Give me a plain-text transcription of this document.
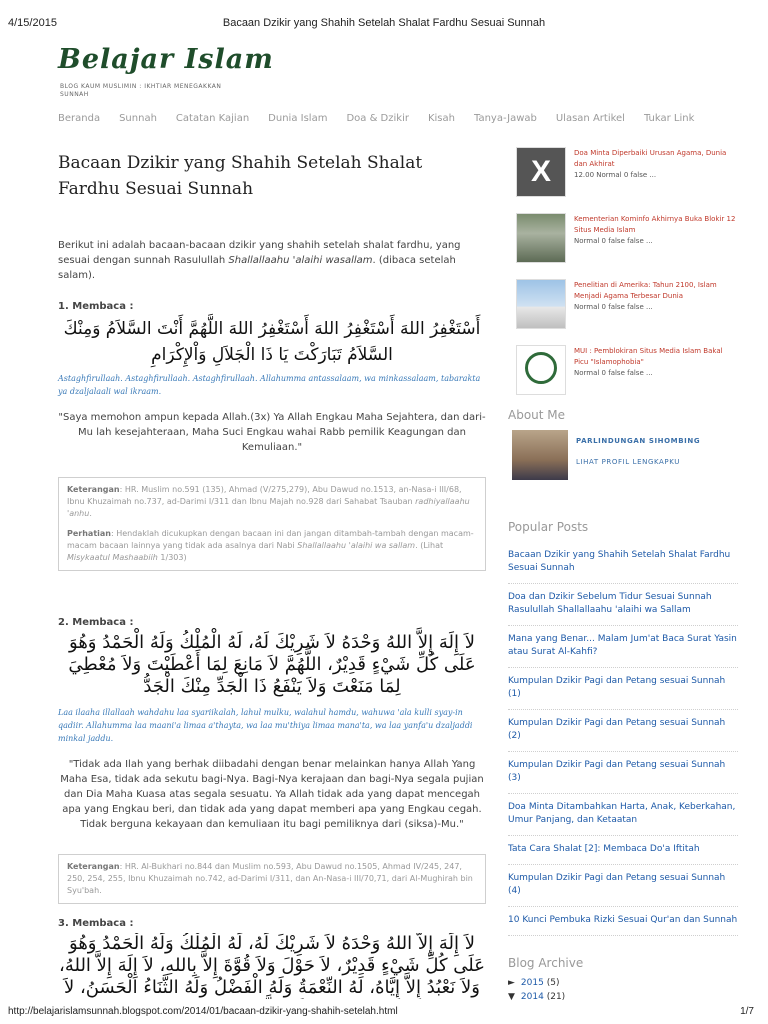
4/15/2015	Bacaan Dzikir yang Shahih Setelah Shalat Fardhu Sesuai Sunnah
Belajar Islam
BLOG KAUM MUSLIMIN : IKHTIAR MENEGAKKAN SUNNAH
Beranda Sunnah Catatan Kajian Dunia Islam Doa & Dzikir Kisah Tanya-Jawab Ulasan Artikel Tukar Link
Bacaan Dzikir yang Shahih Setelah Shalat Fardhu Sesuai Sunnah

Berikut ini adalah bacaan-bacaan dzikir yang shahih setelah shalat fardhu, yang sesuai dengan sunnah Rasulullah Shallallaahu 'alaihi wasallam. (dibaca setelah salam).

1. Membaca :
أَسْتَغْفِرُ اللهَ أَسْتَغْفِرُ اللهَ أَسْتَغْفِرُ اللهَ اللَّهُمَّ أَنْتَ السَّلاَمُ وَمِنْكَ السَّلاَمُ تَبَارَكْتَ يَا ذَا الْجَلاَلِ وَاْلإِكْرَامِ
Astaghfirullaah. Astaghfirullaah. Astaghfirullaah. Allahumma antassalaam, wa minkassalaam, tabarakta ya dzaljalaali wal ikraam.
"Saya memohon ampun kepada Allah.(3x) Ya Allah Engkau Maha Sejahtera, dan dari-Mu lah kesejahteraan, Maha Suci Engkau wahai Rabb pemilik Keagungan dan Kemuliaan."

Keterangan: HR. Muslim no.591 (135), Ahmad (V/275,279), Abu Dawud no.1513, an-Nasa-i III/68, Ibnu Khuzaimah no.737, ad-Darimi I/311 dan Ibnu Majah no.928 dari Sahabat Tsauban radhiyallaahu 'anhu.

Perhatian: Hendaklah dicukupkan dengan bacaan ini dan jangan ditambah-tambah dengan macam-macam bacaan lainnya yang tidak ada asalnya dari Nabi Shallallaahu 'alaihi wa sallam. (Lihat Misykaatul Mashaabiih 1/303)

2. Membaca :
لاَ إِلَهَ إِلاَّ اللهُ وَحْدَهُ لاَ شَرِيْكَ لَهُ، لَهُ الْمُلْكُ وَلَهُ الْحَمْدُ وَهُوَ عَلَى كُلِّ شَيْءٍ قَدِيْرٌ، اللَّهُمَّ لاَ مَانِعَ لِمَا أَعْطَيْتَ وَلاَ مُعْطِيَ لِمَا مَنَعْتَ وَلاَ يَنْفَعُ ذَا الْجَدِّ مِنْكَ الْجَدُّ
Laa ilaaha illallaah wahdahu laa syariikalah, lahul mulku, walahul hamdu, wahuwa 'ala kulli syay-in qadiir. Allahumma laa maani'a limaa a'thayta, wa laa mu'thiya limaa mana'ta, wa laa yanfa'u dzaljaddi minkal jaddu.
"Tidak ada Ilah yang berhak diibadahi dengan benar melainkan hanya Allah Yang Maha Esa, tidak ada sekutu bagi-Nya. Bagi-Nya kerajaan dan bagi-Nya segala pujian dan Dia Maha Kuasa atas segala sesuatu. Ya Allah tidak ada yang dapat mencegah apa yang Engkau beri, dan tidak ada yang dapat memberi apa yang Engkau cegah. Tidak berguna kekayaan dan kemuliaan itu bagi pemiliknya dari (siksa)-Mu."

Keterangan: HR. Al-Bukhari no.844 dan Muslim no.593, Abu Dawud no.1505, Ahmad IV/245, 247, 250, 254, 255, Ibnu Khuzaimah no.742, ad-Darimi I/311, dan An-Nasa-i III/70,71, dari Al-Mughirah bin Syu'bah.

3. Membaca :
لاَ إِلَهَ إِلاَّ اللهُ وَحْدَهُ لاَ شَرِيْكَ لَهُ، لَهُ الْمُلْكُ وَلَهُ الْحَمْدُ وَهُوَ عَلَى كُلِّ شَيْءٍ قَدِيْرٌ، لاَ حَوْلَ وَلاَ قُوَّةَ إِلاَّ بِاللهِ، لاَ إِلَهَ إِلاَّ اللهُ، وَلاَ نَعْبُدُ إِلاَّ إِيَّاهُ، لَهُ النِّعْمَةُ وَلَهُ الْفَضْلُ وَلَهُ الثَّنَاءُ الْحَسَنُ، لاَ
X
Doa Minta Diperbaiki Urusan Agama, Dunia dan Akhirat
12.00 Normal 0 false ...
Kementerian Kominfo Akhirnya Buka Blokir 12 Situs Media Islam
Normal 0 false false ...
Penelitian di Amerika: Tahun 2100, Islam Menjadi Agama Terbesar Dunia
Normal 0 false false ...
MUI : Pemblokiran Situs Media Islam Bakal Picu "Islamophobia"
Normal 0 false false ...
About Me
PARLINDUNGAN SIHOMBING
LIHAT PROFIL LENGKAPKU
Popular Posts
Bacaan Dzikir yang Shahih Setelah Shalat Fardhu Sesuai Sunnah
Doa dan Dzikir Sebelum Tidur Sesuai Sunnah Rasulullah Shallallaahu 'alaihi wa Sallam
Mana yang Benar... Malam Jum'at Baca Surat Yasin atau Surat Al-Kahfi?
Kumpulan Dzikir Pagi dan Petang sesuai Sunnah (1)
Kumpulan Dzikir Pagi dan Petang sesuai Sunnah (2)
Kumpulan Dzikir Pagi dan Petang sesuai Sunnah (3)
Doa Minta Ditambahkan Harta, Anak, Keberkahan, Umur Panjang, dan Ketaatan
Tata Cara Shalat [2]: Membaca Do'a Iftitah
Kumpulan Dzikir Pagi dan Petang sesuai Sunnah (4)
10 Kunci Pembuka Rizki Sesuai Qur'an dan Sunnah
Blog Archive
► 2015 (5)
▼ 2014 (21)
http://belajarislamsunnah.blogspot.com/2014/01/bacaan-dzikir-yang-shahih-setelah.html	1/7
